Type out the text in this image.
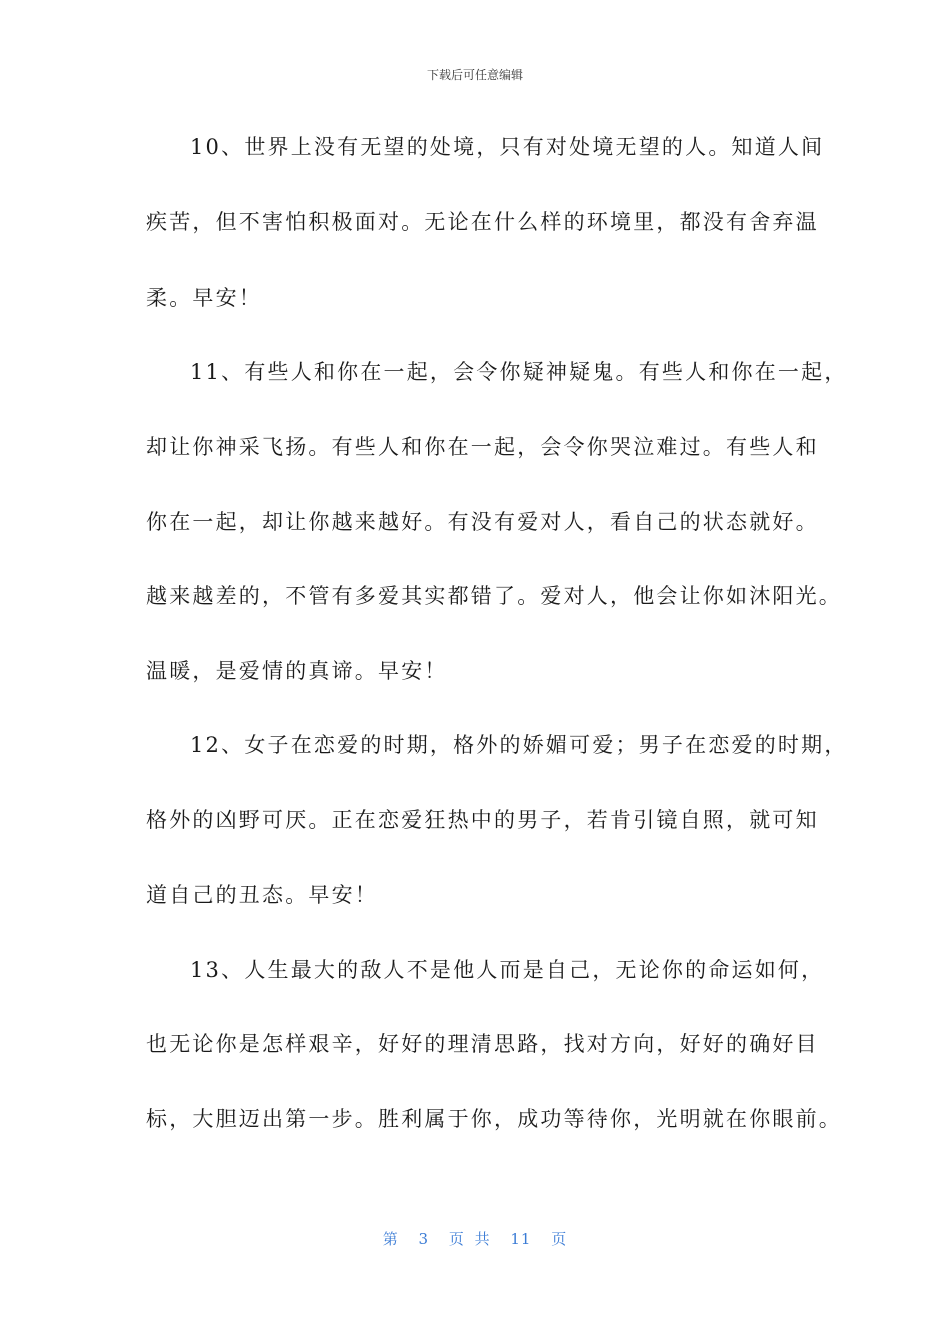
下载后可任意编辑
10、世界上没有无望的处境，只有对处境无望的人。知道人间
疾苦，但不害怕积极面对。无论在什么样的环境里，都没有舍弃温
柔。早安！
11、有些人和你在一起，会令你疑神疑鬼。有些人和你在一起，
却让你神采飞扬。有些人和你在一起，会令你哭泣难过。有些人和
你在一起，却让你越来越好。有没有爱对人，看自己的状态就好。
越来越差的，不管有多爱其实都错了。爱对人，他会让你如沐阳光。
温暖，是爱情的真谛。早安！
12、女子在恋爱的时期，格外的娇媚可爱；男子在恋爱的时期，
格外的凶野可厌。正在恋爱狂热中的男子，若肯引镜自照，就可知
道自己的丑态。早安！
13、人生最大的敌人不是他人而是自己，无论你的命运如何，
也无论你是怎样艰辛，好好的理清思路，找对方向，好好的确好目
标，大胆迈出第一步。胜利属于你，成功等待你，光明就在你眼前。
第 3 页 共 11 页
